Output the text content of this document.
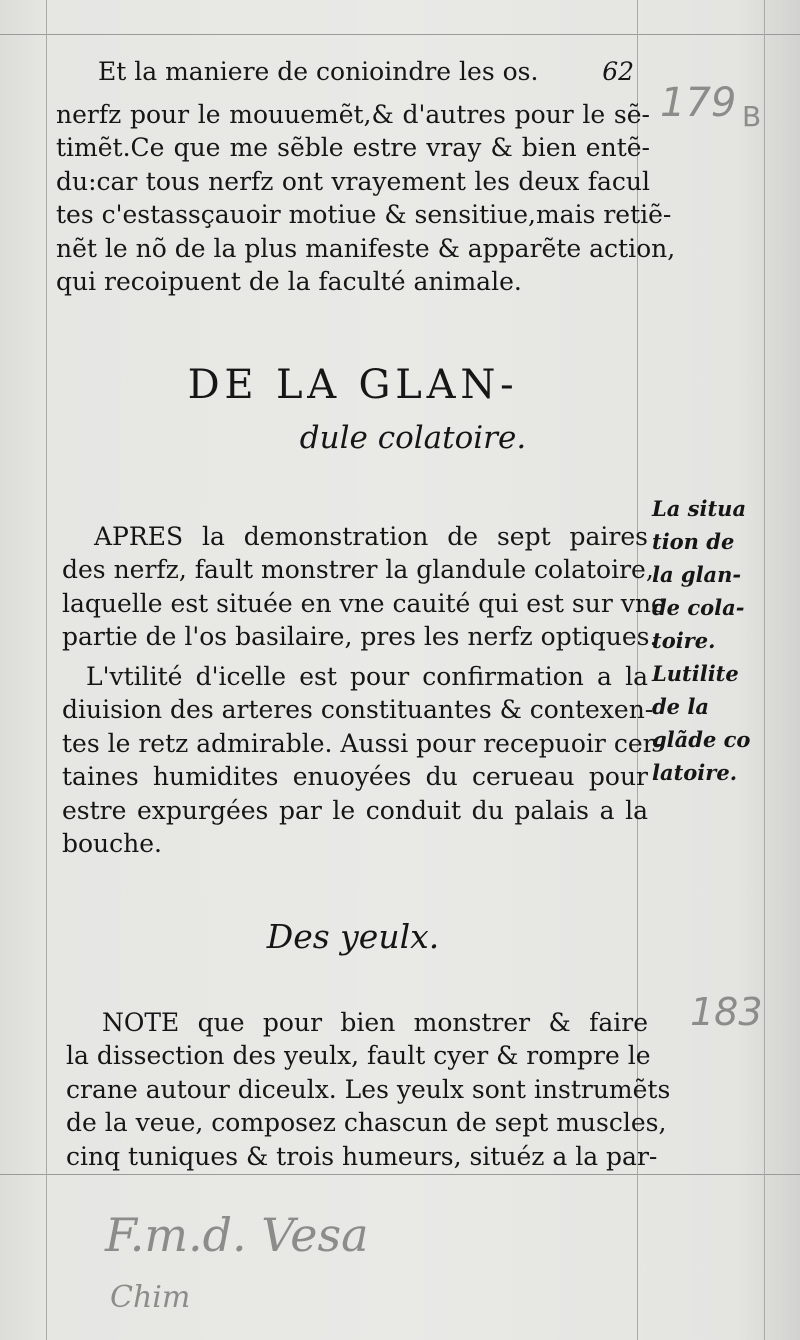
Et la maniere de conioindre les os.	62
nerfz pour le mouuemẽt,& d'autres pour le sẽ-
timẽt.Ce que me sẽble estre vray & bien entẽ-
du:car tous nerfz ont vrayement les deux facul
tes c'estassçauoir motiue & sensitiue,mais retiẽ-
nẽt le nõ de la plus manifeste & apparẽte action,
qui recoipuent de la faculté animale.
DE LA GLAN-
dule colatoire.
APRES la demonstration de sept paires
des nerfz, fault monstrer la glandule colatoire,
laquelle est située en vne cauité qui est sur vne
partie de l'os basilaire, pres les nerfz optiques.
L'vtilité d'icelle est pour confirmation a la
diuision des arteres constituantes & contexen-
tes le retz admirable. Aussi pour recepuoir cer-
taines humidites enuoyées du cerueau pour
estre expurgées par le conduit du palais a la
bouche.
La situa
tion de
la glan-
de cola-
toire.
Lutilite
de la
glãde co
latoire.
Des yeulx.
NOTE que pour bien monstrer & faire
la dissection des yeulx, fault cyer & rompre le
crane autour diceulx. Les yeulx sont instrumẽts
de la veue, composez chascun de sept muscles,
cinq tuniques & trois humeurs, situéz a la par-
179 B
183
F.m.d. Vesa
Chim
